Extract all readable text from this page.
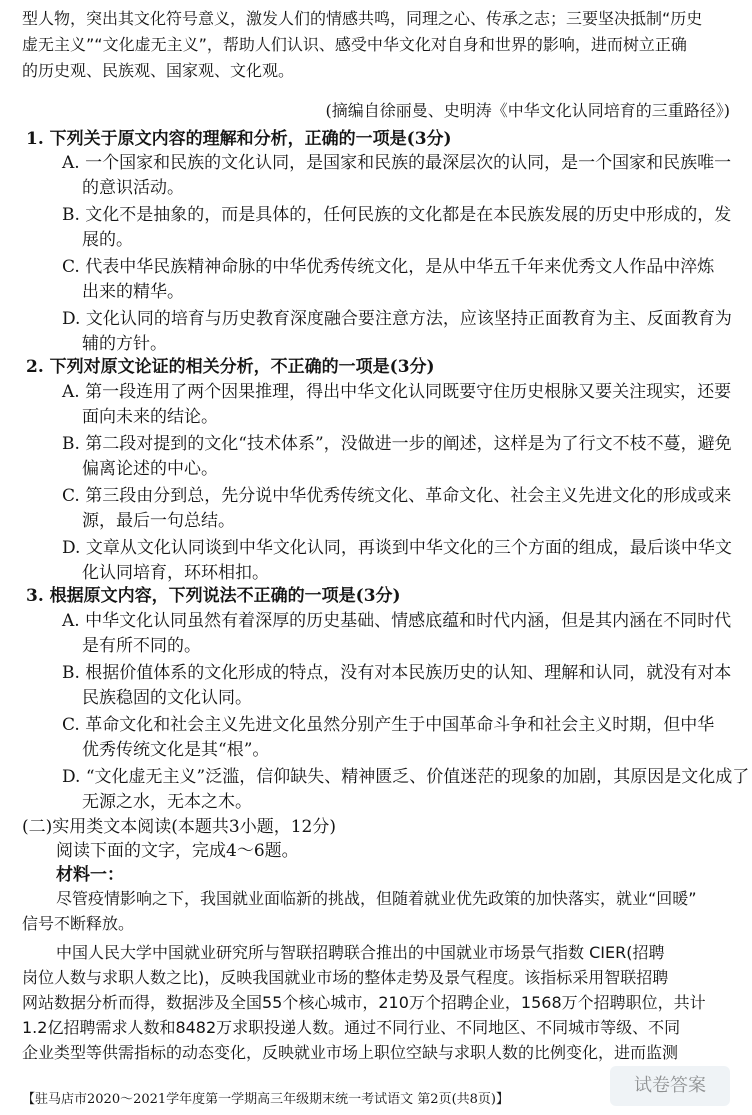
型人物，突出其文化符号意义，激发人们的情感共鸣，同理之心、传承之志；三要坚决抵制“历史
虚无主义”“文化虚无主义”，帮助人们认识、感受中华文化对自身和世界的影响，进而树立正确
的历史观、民族观、国家观、文化观。
(摘编自徐丽曼、史明涛《中华文化认同培育的三重路径》)
1. 下列关于原文内容的理解和分析，正确的一项是(3分)
A. 一个国家和民族的文化认同，是国家和民族的最深层次的认同，是一个国家和民族唯一
的意识活动。
B. 文化不是抽象的，而是具体的，任何民族的文化都是在本民族发展的历史中形成的，发
展的。
C. 代表中华民族精神命脉的中华优秀传统文化，是从中华五千年来优秀文人作品中淬炼
出来的精华。
D. 文化认同的培育与历史教育深度融合要注意方法，应该坚持正面教育为主、反面教育为
辅的方针。
2. 下列对原文论证的相关分析，不正确的一项是(3分)
A. 第一段连用了两个因果推理，得出中华文化认同既要守住历史根脉又要关注现实，还要
面向未来的结论。
B. 第二段对提到的文化“技术体系”，没做进一步的阐述，这样是为了行文不枝不蔓，避免
偏离论述的中心。
C. 第三段由分到总，先分说中华优秀传统文化、革命文化、社会主义先进文化的形成或来
源，最后一句总结。
D. 文章从文化认同谈到中华文化认同，再谈到中华文化的三个方面的组成，最后谈中华文
化认同培育，环环相扣。
3. 根据原文内容，下列说法不正确的一项是(3分)
A. 中华文化认同虽然有着深厚的历史基础、情感底蕴和时代内涵，但是其内涵在不同时代
是有所不同的。
B. 根据价值体系的文化形成的特点，没有对本民族历史的认知、理解和认同，就没有对本
民族稳固的文化认同。
C. 革命文化和社会主义先进文化虽然分别产生于中国革命斗争和社会主义时期，但中华
优秀传统文化是其“根”。
D. “文化虚无主义”泛滥，信仰缺失、精神匮乏、价值迷茫的现象的加剧，其原因是文化成了
无源之水，无本之木。
(二)实用类文本阅读(本题共3小题，12分)
阅读下面的文字，完成4～6题。
材料一：
尽管疫情影响之下，我国就业面临新的挑战，但随着就业优先政策的加快落实，就业“回暖”
信号不断释放。
中国人民大学中国就业研究所与智联招聘联合推出的中国就业市场景气指数 CIER(招聘
岗位人数与求职人数之比)，反映我国就业市场的整体走势及景气程度。该指标采用智联招聘
网站数据分析而得，数据涉及全国55个核心城市，210万个招聘企业，1568万个招聘职位，共计
1.2亿招聘需求人数和8482万求职投递人数。通过不同行业、不同地区、不同城市等级、不同
企业类型等供需指标的动态变化，反映就业市场上职位空缺与求职人数的比例变化，进而监测
【驻马店市2020～2021学年度第一学期高三年级期末统一考试语文 第2页(共8页)】
试卷答案
